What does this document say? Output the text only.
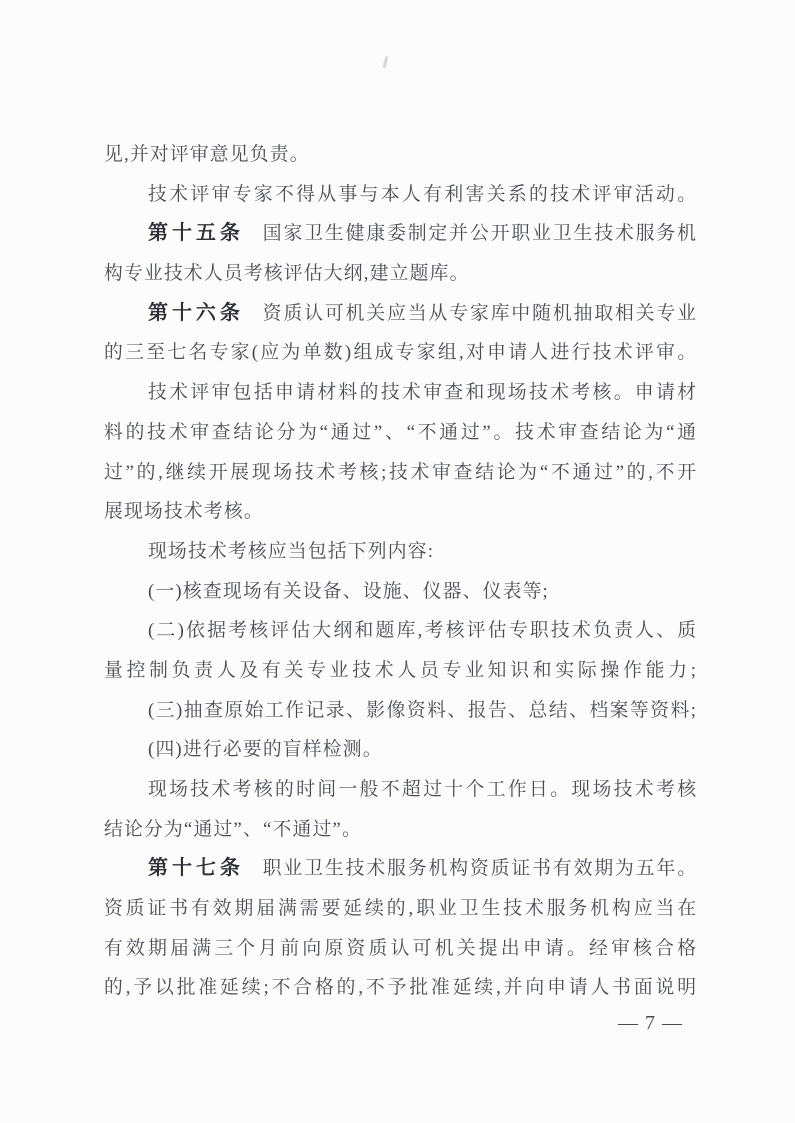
见,并对评审意见负责。
技术评审专家不得从事与本人有利害关系的技术评审活动。
第十五条 国家卫生健康委制定并公开职业卫生技术服务机
构专业技术人员考核评估大纲,建立题库。
第十六条 资质认可机关应当从专家库中随机抽取相关专业
的三至七名专家(应为单数)组成专家组,对申请人进行技术评审。
技术评审包括申请材料的技术审查和现场技术考核。申请材
料的技术审查结论分为“通过”、“不通过”。技术审查结论为“通
过”的,继续开展现场技术考核;技术审查结论为“不通过”的,不开
展现场技术考核。
现场技术考核应当包括下列内容:
(一)核查现场有关设备、设施、仪器、仪表等;
(二)依据考核评估大纲和题库,考核评估专职技术负责人、质
量控制负责人及有关专业技术人员专业知识和实际操作能力;
(三)抽查原始工作记录、影像资料、报告、总结、档案等资料;
(四)进行必要的盲样检测。
现场技术考核的时间一般不超过十个工作日。现场技术考核
结论分为“通过”、“不通过”。
第十七条 职业卫生技术服务机构资质证书有效期为五年。
资质证书有效期届满需要延续的,职业卫生技术服务机构应当在
有效期届满三个月前向原资质认可机关提出申请。经审核合格
的,予以批准延续;不合格的,不予批准延续,并向申请人书面说明
— 7 —
